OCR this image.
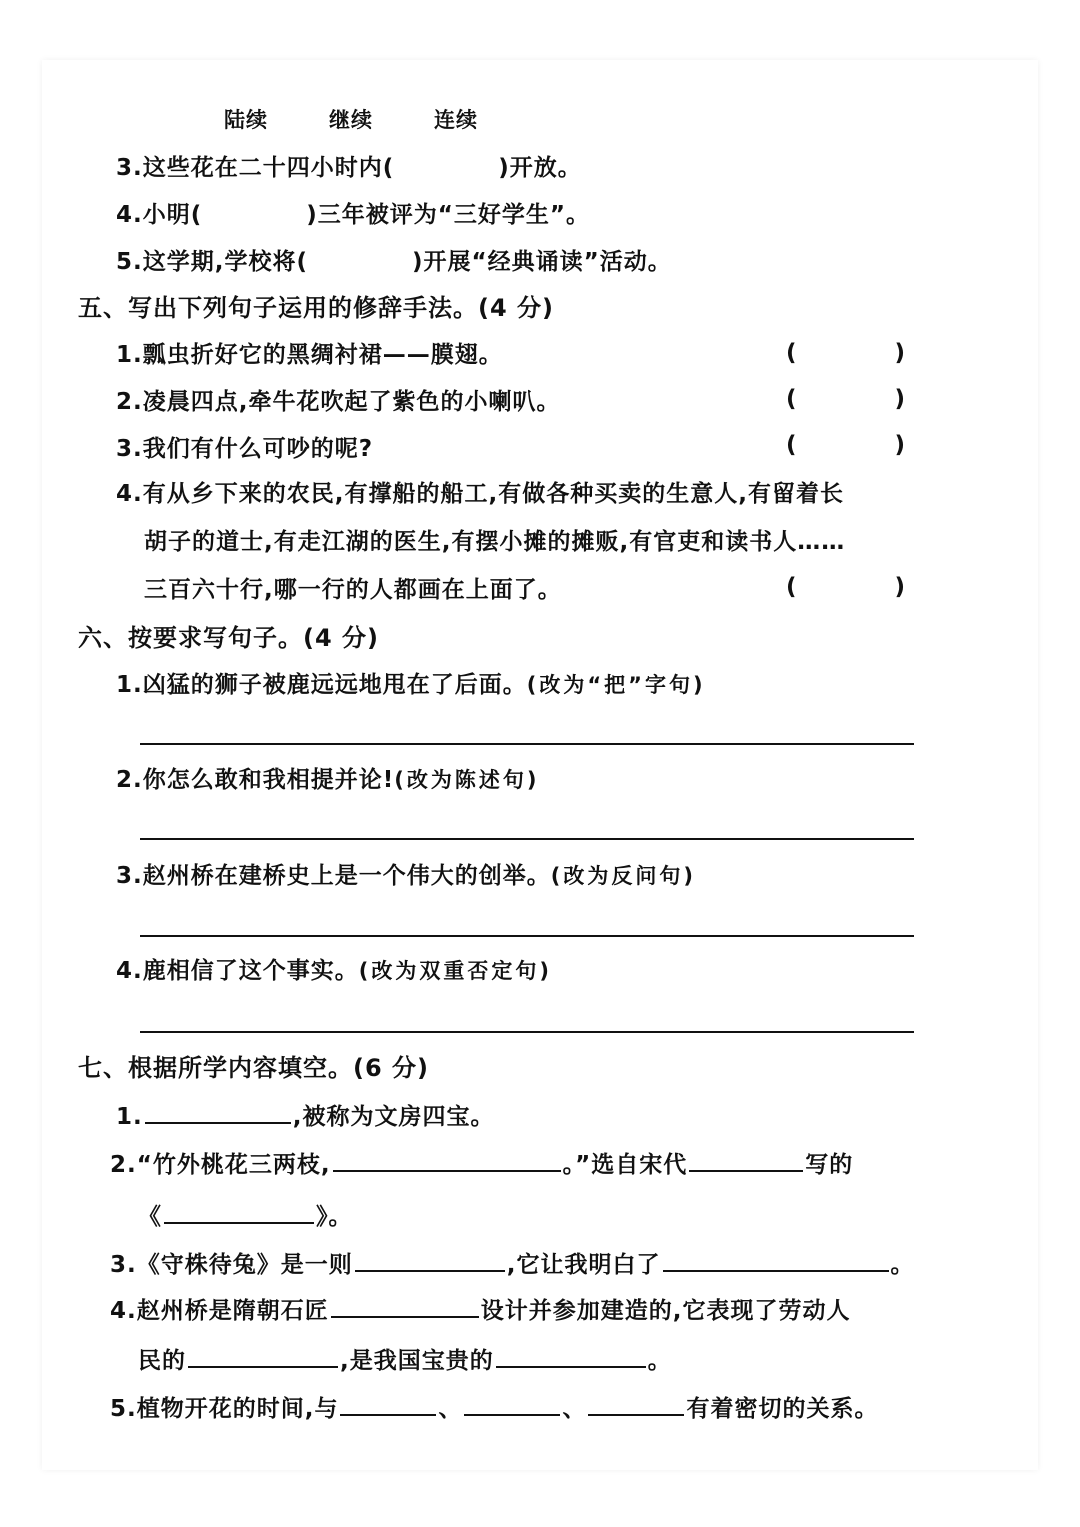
陆续	继续	连续
3.这些花在二十四小时内(	)开放。
4.小明(	)三年被评为“三好学生”。
5.这学期,学校将(	)开展“经典诵读”活动。
五、写出下列句子运用的修辞手法。(4 分)
1.瓢虫折好它的黑绸衬裙——膜翅。	(	)
2.凌晨四点,牵牛花吹起了紫色的小喇叭。	(	)
3.我们有什么可吵的呢?	(	)
4.有从乡下来的农民,有撑船的船工,有做各种买卖的生意人,有留着长
胡子的道士,有走江湖的医生,有摆小摊的摊贩,有官吏和读书人……
三百六十行,哪一行的人都画在上面了。	(	)
六、按要求写句子。(4 分)
1.凶猛的狮子被鹿远远地甩在了后面。(改为“把”字句)
2.你怎么敢和我相提并论!(改为陈述句)
3.赵州桥在建桥史上是一个伟大的创举。(改为反问句)
4.鹿相信了这个事实。(改为双重否定句)
七、根据所学内容填空。(6 分)
1.	,被称为文房四宝。
2.“竹外桃花三两枝,	。”选自宋代	写的
《	》。
3.《守株待兔》是一则	,它让我明白了	。
4.赵州桥是隋朝石匠	设计并参加建造的,它表现了劳动人
民的	,是我国宝贵的	。
5.植物开花的时间,与	、	、	有着密切的关系。
